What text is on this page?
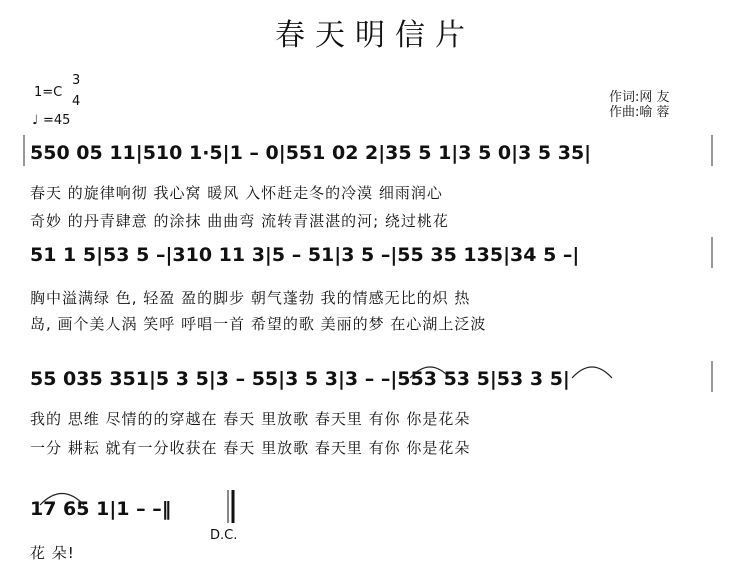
春天明信片
1=C
3
4
♩ =45
作词:网 友
作曲:喻 蓉
550 05 11|510 1·5|1 – 0|551 02 2|35 5 1|3 5 0|3 5 35|
春天 的旋律响彻 我心窝 暖风 入怀赶走冬的冷漠 细雨润心
奇妙 的丹青肆意 的涂抹 曲曲弯 流转青湛湛的河; 绕过桃花
51 1 5|53 5 –|310 11 3|5 – 51|3 5 –|55 35 135|34 5 –|
胸中溢满绿 色, 轻盈 盈的脚步 朝气蓬勃 我的情感无比的炽 热
岛, 画个美人涡 笑呼 呼唱一首 希望的歌 美丽的梦 在心湖上泛波
55 035 351|5 3 5|3 – 55|3 5 3|3 – –|553 53 5|53 3 5|
我的 思维 尽情的的穿越在 春天 里放歌 春天里 有你 你是花朵
一分 耕耘 就有一分收获在 春天 里放歌 春天里 有你 你是花朵
17 65 1|1 – –‖
D.C.
花 朵!
